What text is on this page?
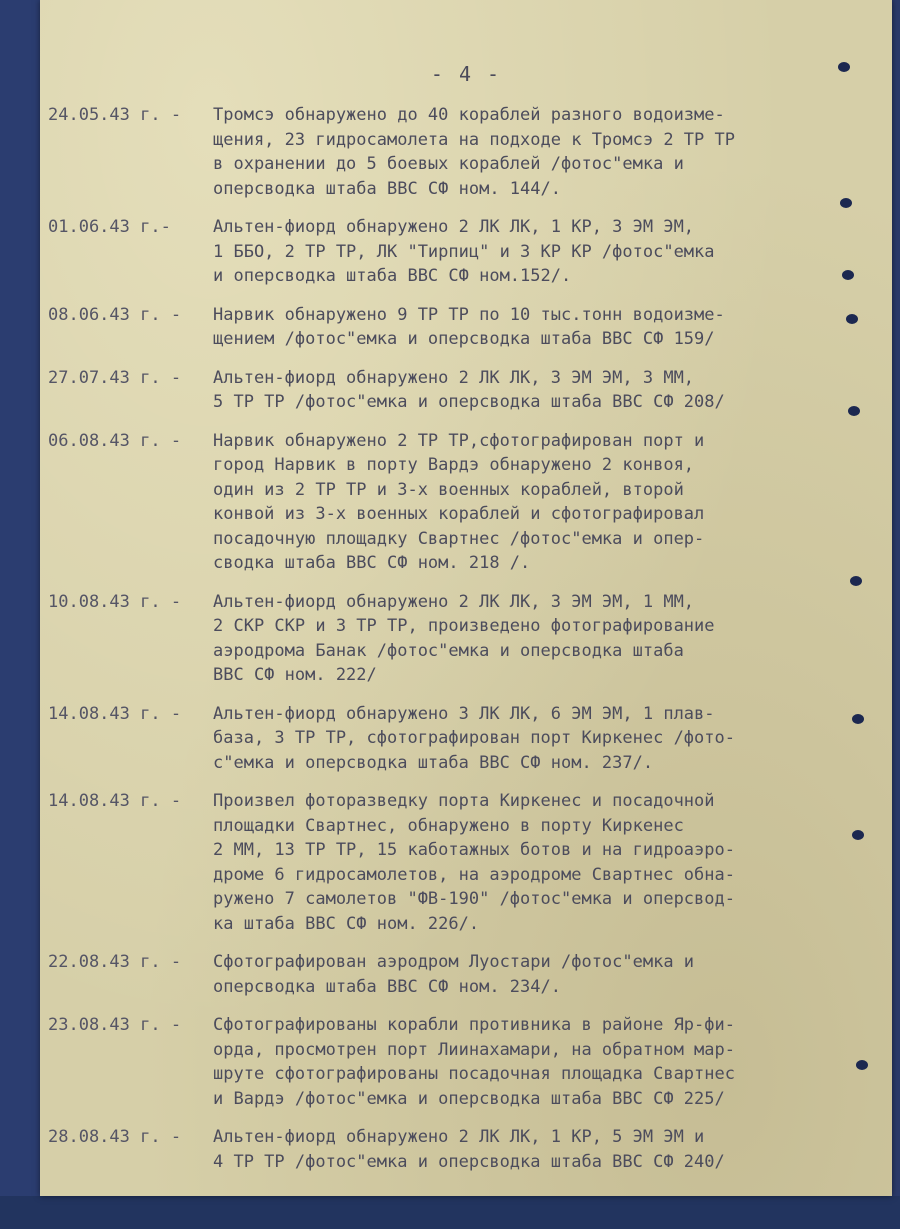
- 4 -
24.05.43 г. -	Тромсэ обнаружено до 40 кораблей разного водоизме-
щения, 23 гидросамолета на подходе к Тромсэ 2 ТР ТР
в охранении до 5 боевых кораблей /фотос"емка и
оперсводка штаба ВВС СФ ном. 144/.
01.06.43 г.-	Альтен-фиорд обнаружено 2 ЛК ЛК, 1 КР, 3 ЭМ ЭМ,
1 ББО, 2 ТР ТР, ЛК "Тирпиц" и 3 КР КР /фотос"емка
и оперсводка штаба ВВС СФ ном.152/.
08.06.43 г. -	Нарвик обнаружено 9 ТР ТР по 10 тыс.тонн водоизме-
щением /фотос"емка и оперсводка штаба ВВС СФ 159/
27.07.43 г. -	Альтен-фиорд обнаружено 2 ЛК ЛК, 3 ЭМ ЭМ, 3 ММ,
5 ТР ТР /фотос"емка и оперсводка штаба ВВС СФ 208/
06.08.43 г. -	Нарвик обнаружено 2 ТР ТР,сфотографирован порт и
город Нарвик в порту Вардэ обнаружено 2 конвоя,
один из 2 ТР ТР и 3-х военных кораблей, второй
конвой из 3-х военных кораблей и сфотографировал
посадочную площадку Свартнес /фотос"емка и опер-
сводка штаба ВВС СФ ном. 218 /.
10.08.43 г. -	Альтен-фиорд обнаружено 2 ЛК ЛК, 3 ЭМ ЭМ, 1 ММ,
2 СКР СКР и 3 ТР ТР, произведено фотографирование
аэродрома Банак /фотос"емка и оперсводка штаба
ВВС СФ ном. 222/
14.08.43 г. -	Альтен-фиорд обнаружено 3 ЛК ЛК, 6 ЭМ ЭМ, 1 плав-
база, 3 ТР ТР, сфотографирован порт Киркенес /фото-
с"емка и оперсводка штаба ВВС СФ ном. 237/.
14.08.43 г. -	Произвел фоторазведку порта Киркенес и посадочной
площадки Свартнес, обнаружено в порту Киркенес
2 ММ, 13 ТР ТР, 15 каботажных ботов и на гидроаэро-
дроме 6 гидросамолетов, на аэродроме Свартнес обна-
ружено 7 самолетов "ФВ-190" /фотос"емка и оперсвод-
ка штаба ВВС СФ ном. 226/.
22.08.43 г. -	Сфотографирован аэродром Луостари /фотос"емка и
оперсводка штаба ВВС СФ ном. 234/.
23.08.43 г. -	Сфотографированы корабли противника в районе Яр-фи-
орда, просмотрен порт Лиинахамари, на обратном мар-
шруте сфотографированы посадочная площадка Свартнес
и Вардэ /фотос"емка и оперсводка штаба ВВС СФ 225/
28.08.43 г. -	Альтен-фиорд обнаружено 2 ЛК ЛК, 1 КР, 5 ЭМ ЭМ и
4 ТР ТР /фотос"емка и оперсводка штаба ВВС СФ 240/
